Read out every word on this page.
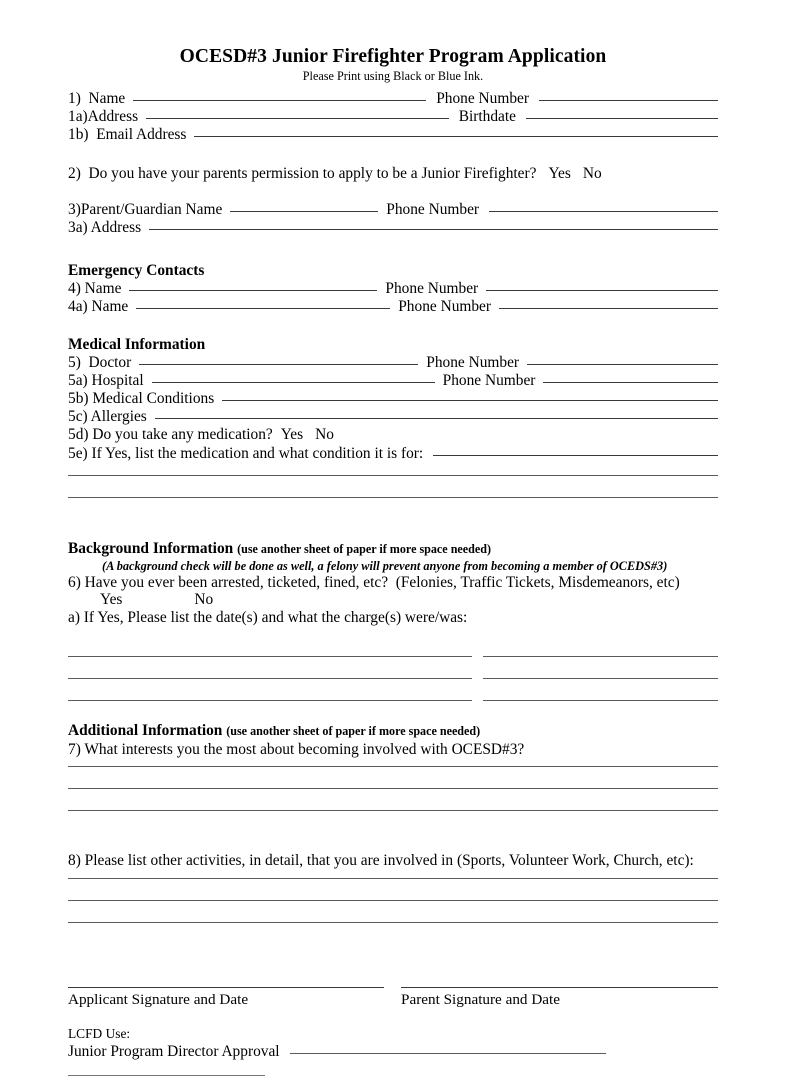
OCESD#3 Junior Firefighter Program Application
Please Print using Black or Blue Ink.
1)  Name	Phone Number
1a)Address	Birthdate
1b)  Email Address
2)  Do you have your parents permission to apply to be a Junior Firefighter? Yes No
3)Parent/Guardian Name	Phone Number
3a) Address
Emergency Contacts
4) Name	Phone Number
4a) Name	Phone Number
Medical Information
5)  Doctor	Phone Number
5a) Hospital	Phone Number
5b) Medical Conditions
5c) Allergies
5d) Do you take any medication? Yes No
5e) If Yes, list the medication and what condition it is for:
Background Information (use another sheet of paper if more space needed)
(A background check will be done as well, a felony will prevent anyone from becoming a member of OCEDS#3)
6) Have you ever been arrested, ticketed, fined, etc?  (Felonies, Traffic Tickets, Misdemeanors, etc)
Yes	No
a) If Yes, Please list the date(s) and what the charge(s) were/was:
Additional Information (use another sheet of paper if more space needed)
7) What interests you the most about becoming involved with OCESD#3?
8) Please list other activities, in detail, that you are involved in (Sports, Volunteer Work, Church, etc):
Applicant Signature and Date	Parent Signature and Date
LCFD Use:
Junior Program Director Approval
